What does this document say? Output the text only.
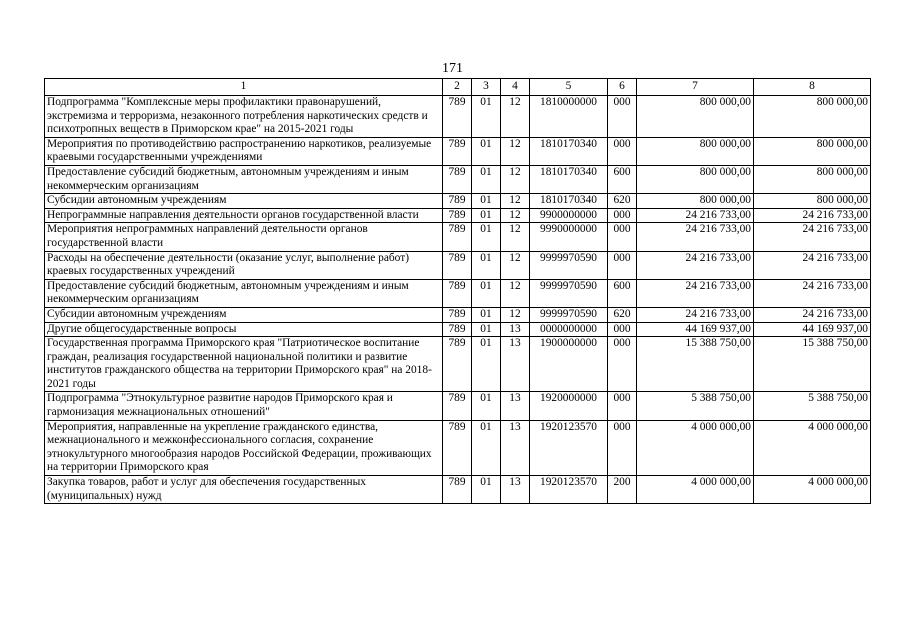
171
1	2	3	4	5	6	7	8
Подпрограмма "Комплексные меры профилактики правонарушений, экстремизма и терроризма, незаконного потребления наркотических средств и психотропных веществ в Приморском крае" на 2015-2021 годы	789	01	12	1810000000	000	800 000,00	800 000,00
Мероприятия по противодействию распространению наркотиков, реализуемые краевыми государственными учреждениями	789	01	12	1810170340	000	800 000,00	800 000,00
Предоставление субсидий бюджетным, автономным учреждениям и иным некоммерческим организациям	789	01	12	1810170340	600	800 000,00	800 000,00
Субсидии автономным учреждениям	789	01	12	1810170340	620	800 000,00	800 000,00
Непрограммные направления деятельности органов государственной власти	789	01	12	9900000000	000	24 216 733,00	24 216 733,00
Мероприятия непрограммных направлений деятельности органов государственной власти	789	01	12	9990000000	000	24 216 733,00	24 216 733,00
Расходы на обеспечение деятельности (оказание услуг, выполнение работ) краевых государственных учреждений	789	01	12	9999970590	000	24 216 733,00	24 216 733,00
Предоставление субсидий бюджетным, автономным учреждениям и иным некоммерческим организациям	789	01	12	9999970590	600	24 216 733,00	24 216 733,00
Субсидии автономным учреждениям	789	01	12	9999970590	620	24 216 733,00	24 216 733,00
Другие общегосударственные вопросы	789	01	13	0000000000	000	44 169 937,00	44 169 937,00
Государственная программа Приморского края "Патриотическое воспитание граждан, реализация государственной национальной политики и развитие институтов гражданского общества на территории Приморского края" на 2018-2021 годы	789	01	13	1900000000	000	15 388 750,00	15 388 750,00
Подпрограмма "Этнокультурное развитие народов Приморского края и гармонизация межнациональных отношений"	789	01	13	1920000000	000	5 388 750,00	5 388 750,00
Мероприятия, направленные на укрепление гражданского единства, межнационального и межконфессионального согласия, сохранение этнокультурного многообразия народов Российской Федерации, проживающих на территории Приморского края	789	01	13	1920123570	000	4 000 000,00	4 000 000,00
Закупка товаров, работ и услуг для обеспечения государственных (муниципальных) нужд	789	01	13	1920123570	200	4 000 000,00	4 000 000,00
